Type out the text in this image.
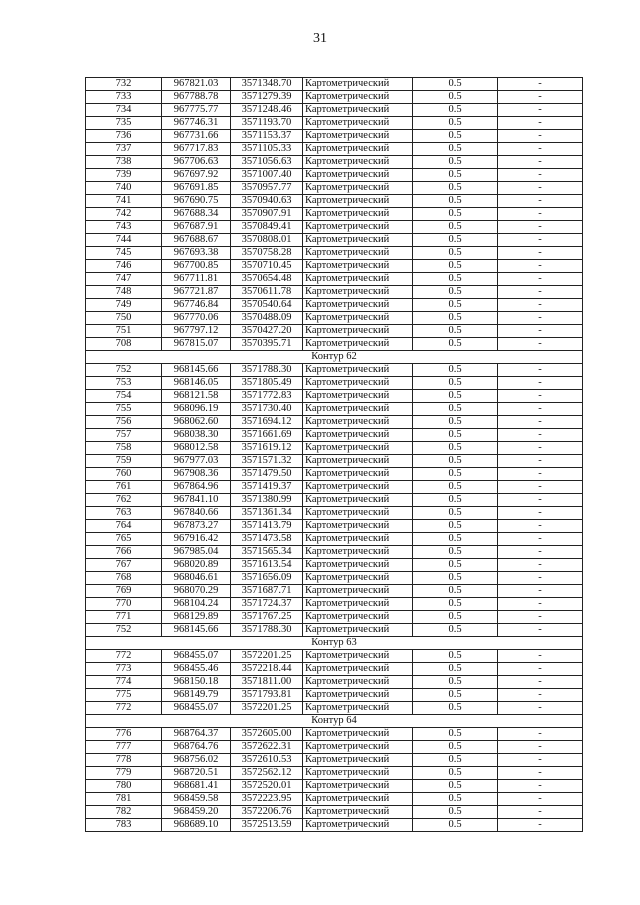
31
732	967821.03	3571348.70	Картометрический	0.5	-
733	967788.78	3571279.39	Картометрический	0.5	-
734	967775.77	3571248.46	Картометрический	0.5	-
735	967746.31	3571193.70	Картометрический	0.5	-
736	967731.66	3571153.37	Картометрический	0.5	-
737	967717.83	3571105.33	Картометрический	0.5	-
738	967706.63	3571056.63	Картометрический	0.5	-
739	967697.92	3571007.40	Картометрический	0.5	-
740	967691.85	3570957.77	Картометрический	0.5	-
741	967690.75	3570940.63	Картометрический	0.5	-
742	967688.34	3570907.91	Картометрический	0.5	-
743	967687.91	3570849.41	Картометрический	0.5	-
744	967688.67	3570808.01	Картометрический	0.5	-
745	967693.38	3570758.28	Картометрический	0.5	-
746	967700.85	3570710.45	Картометрический	0.5	-
747	967711.81	3570654.48	Картометрический	0.5	-
748	967721.87	3570611.78	Картометрический	0.5	-
749	967746.84	3570540.64	Картометрический	0.5	-
750	967770.06	3570488.09	Картометрический	0.5	-
751	967797.12	3570427.20	Картометрический	0.5	-
708	967815.07	3570395.71	Картометрический	0.5	-
Контур 62					
752	968145.66	3571788.30	Картометрический	0.5	-
753	968146.05	3571805.49	Картометрический	0.5	-
754	968121.58	3571772.83	Картометрический	0.5	-
755	968096.19	3571730.40	Картометрический	0.5	-
756	968062.60	3571694.12	Картометрический	0.5	-
757	968038.30	3571661.69	Картометрический	0.5	-
758	968012.58	3571619.12	Картометрический	0.5	-
759	967977.03	3571571.32	Картометрический	0.5	-
760	967908.36	3571479.50	Картометрический	0.5	-
761	967864.96	3571419.37	Картометрический	0.5	-
762	967841.10	3571380.99	Картометрический	0.5	-
763	967840.66	3571361.34	Картометрический	0.5	-
764	967873.27	3571413.79	Картометрический	0.5	-
765	967916.42	3571473.58	Картометрический	0.5	-
766	967985.04	3571565.34	Картометрический	0.5	-
767	968020.89	3571613.54	Картометрический	0.5	-
768	968046.61	3571656.09	Картометрический	0.5	-
769	968070.29	3571687.71	Картометрический	0.5	-
770	968104.24	3571724.37	Картометрический	0.5	-
771	968129.89	3571767.25	Картометрический	0.5	-
752	968145.66	3571788.30	Картометрический	0.5	-
Контур 63					
772	968455.07	3572201.25	Картометрический	0.5	-
773	968455.46	3572218.44	Картометрический	0.5	-
774	968150.18	3571811.00	Картометрический	0.5	-
775	968149.79	3571793.81	Картометрический	0.5	-
772	968455.07	3572201.25	Картометрический	0.5	-
Контур 64					
776	968764.37	3572605.00	Картометрический	0.5	-
777	968764.76	3572622.31	Картометрический	0.5	-
778	968756.02	3572610.53	Картометрический	0.5	-
779	968720.51	3572562.12	Картометрический	0.5	-
780	968681.41	3572520.01	Картометрический	0.5	-
781	968459.58	3572223.95	Картометрический	0.5	-
782	968459.20	3572206.76	Картометрический	0.5	-
783	968689.10	3572513.59	Картометрический	0.5	-
